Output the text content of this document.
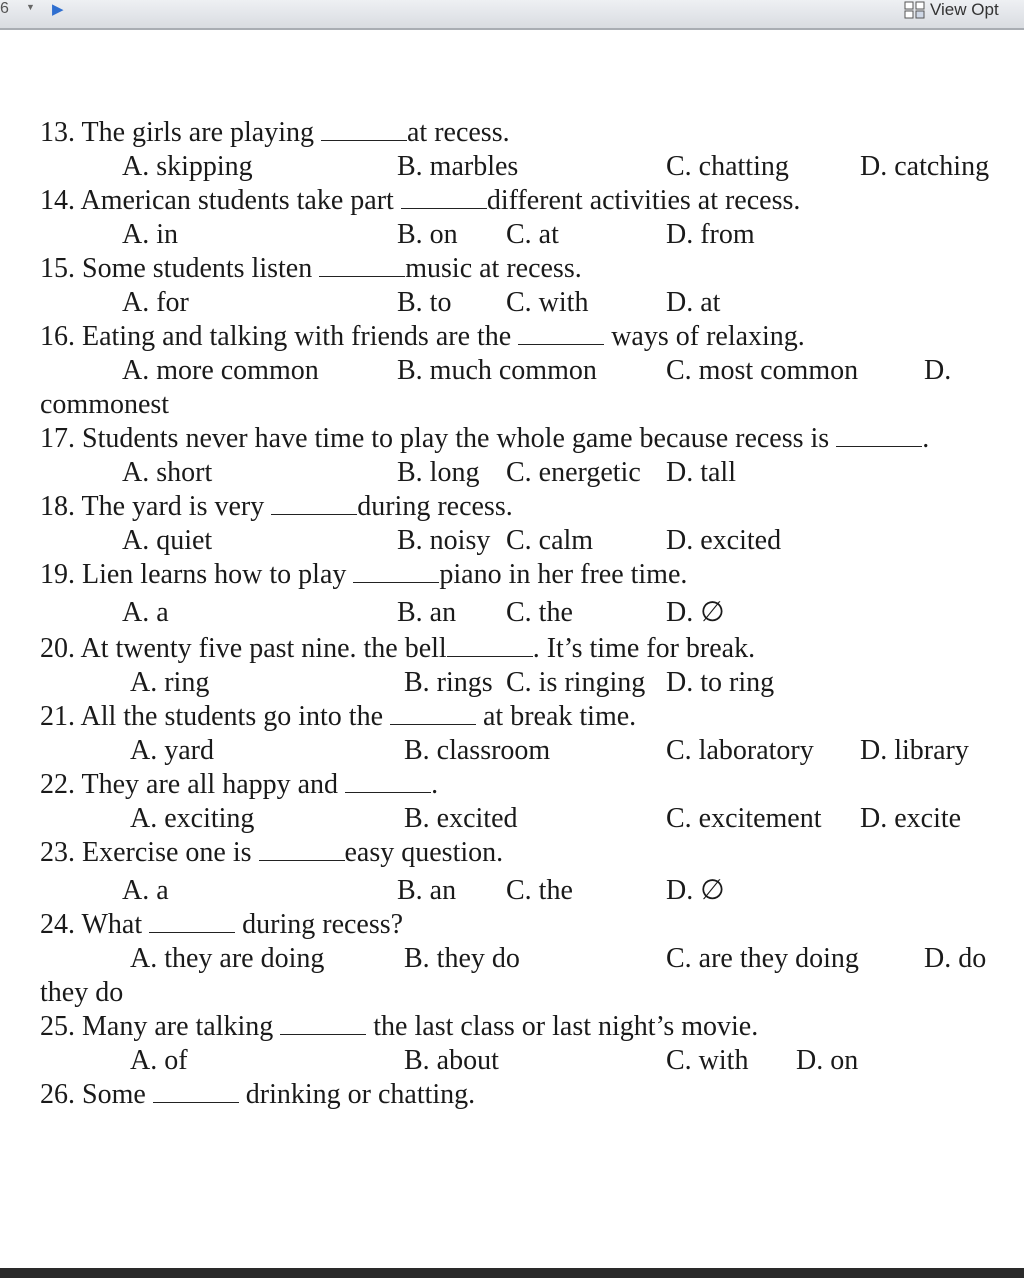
6 ▼ ▶	View Opt
13. The girls are playing	at recess.
A. skipping	B. marbles	C. chatting	D. catching
14. American students take part	different activities at recess.
A. in	B. on C. at	D. from
15. Some students listen	music at recess.
A. for	B. to C. with	D. at
16. Eating and talking with friends are the	ways of relaxing.
A. more common	B. much common C. most common D.
commonest
17. Students never have time to play the whole game because recess is	.
A. short	B. long C. energetic D. tall
18. The yard is very	during recess.
A. quiet	B. noisy C. calm	D. excited
19. Lien learns how to play	piano in her free time.
A. a	B. an C. the	D. ∅
20. At twenty five past nine. the bell	. It’s time for break.
A. ring	B. rings C. is ringing D. to ring
21. All the students go into the	at break time.
A. yard	B. classroom	C. laboratory D. library
22. They are all happy and	.
A. exciting	B. excited	C. excitement D. excite
23. Exercise one is	easy question.
A. a	B. an C. the	D. ∅
24. What	during recess?
A. they are doing	B. they do	C. are they doing D. do
they do
25. Many are talking	the last class or last night’s movie.
A. of	B. about	C. with D. on
26. Some	drinking or chatting.
